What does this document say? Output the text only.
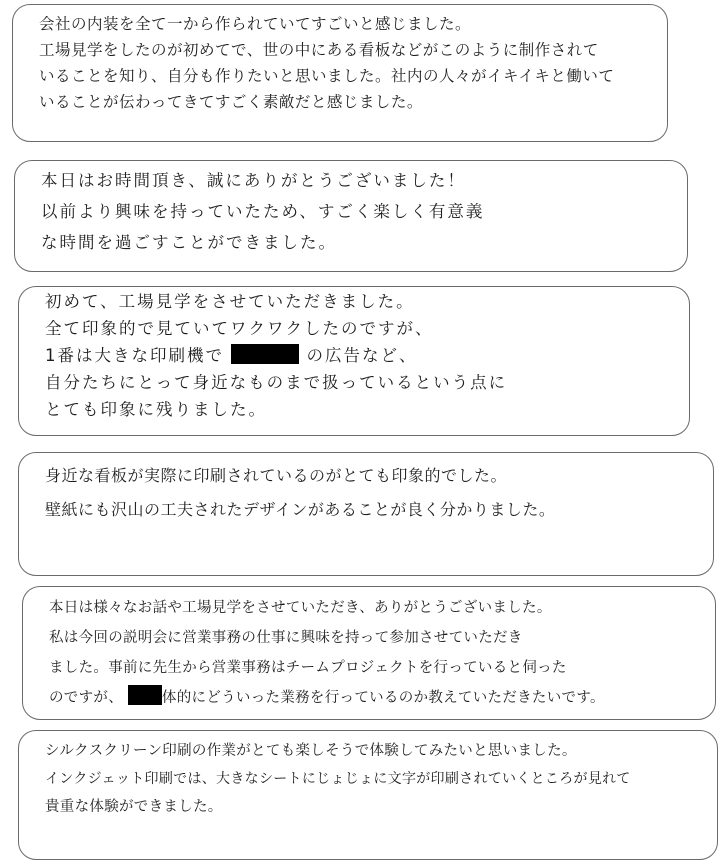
会社の内装を全て一から作られていてすごいと感じました。
工場見学をしたのが初めてで、世の中にある看板などがこのように制作されて
いることを知り、自分も作りたいと思いました。社内の人々がイキイキと働いて
いることが伝わってきてすごく素敵だと感じました。
本日はお時間頂き、誠にありがとうございました！
以前より興味を持っていたため、すごく楽しく有意義
な時間を過ごすことができました。
初めて、工場見学をさせていただきました。
全て印象的で見ていてワクワクしたのですが、
1番は大きな印刷機で	の広告など、
自分たちにとって身近なものまで扱っているという点に
とても印象に残りました。
身近な看板が実際に印刷されているのがとても印象的でした。
壁紙にも沢山の工夫されたデザインがあることが良く分かりました。
本日は様々なお話や工場見学をさせていただき、ありがとうございました。
私は今回の説明会に営業事務の仕事に興味を持って参加させていただき
ました。事前に先生から営業事務はチームプロジェクトを行っていると伺った
のですが、	体的にどういった業務を行っているのか教えていただきたいです。
シルクスクリーン印刷の作業がとても楽しそうで体験してみたいと思いました。
インクジェット印刷では、大きなシートにじょじょに文字が印刷されていくところが見れて
貴重な体験ができました。
